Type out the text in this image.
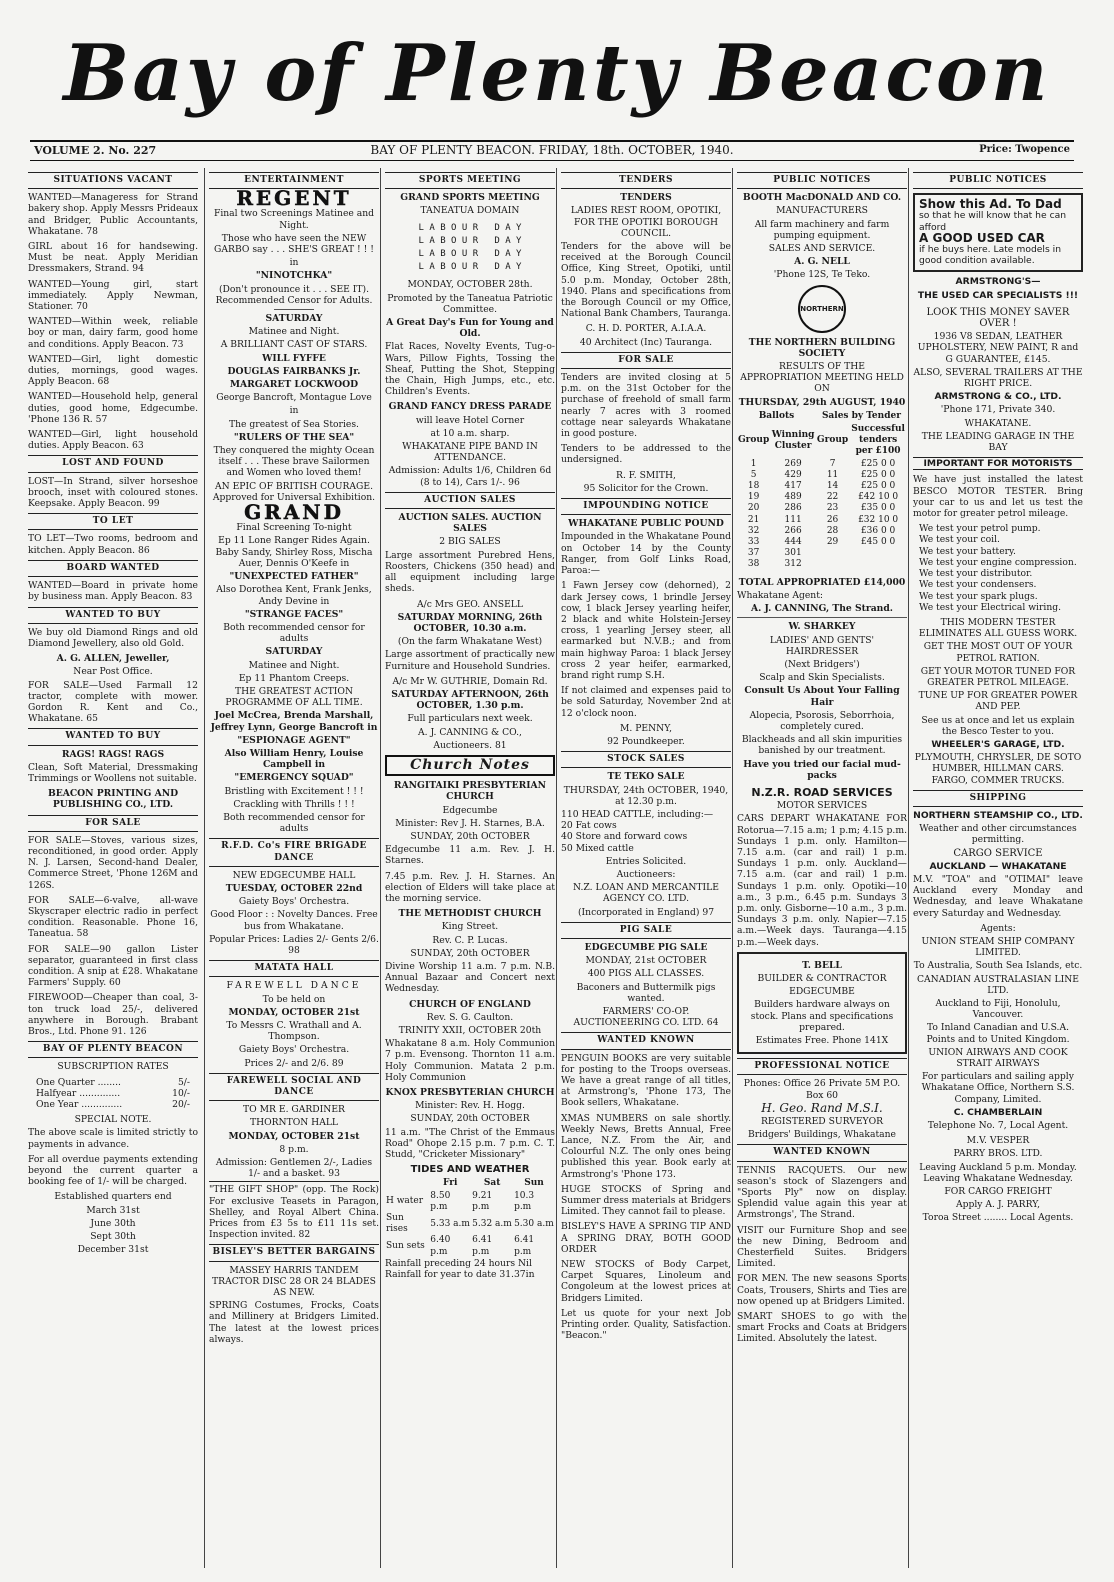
Bay of Plenty Beacon
VOLUME 2. No. 227	BAY OF PLENTY BEACON. FRIDAY, 18th. OCTOBER, 1940.	Price: Twopence
SITUATIONS VACANT

WANTED—Manageress for Strand bakery shop. Apply Messrs Prideaux and Bridger, Public Accountants, Whakatane. 78

GIRL about 16 for handsewing. Must be neat. Apply Meridian Dressmakers, Strand. 94

WANTED—Young girl, start immediately. Apply Newman, Stationer. 70

WANTED—Within week, reliable boy or man, dairy farm, good home and conditions. Apply Beacon. 73

WANTED—Girl, light domestic duties, mornings, good wages. Apply Beacon. 68

WANTED—Household help, general duties, good home, Edgecumbe. 'Phone 136 R. 57

WANTED—Girl, light household duties. Apply Beacon. 63

LOST AND FOUND

LOST—In Strand, silver horseshoe brooch, inset with coloured stones. Keepsake. Apply Beacon. 99

TO LET

TO LET—Two rooms, bedroom and kitchen. Apply Beacon. 86

BOARD WANTED

WANTED—Board in private home by business man. Apply Beacon. 83

WANTED TO BUY

We buy old Diamond Rings and old Diamond Jewellery, also old Gold.

A. G. ALLEN, Jeweller,
Near Post Office.

FOR SALE—Used Farmall 12 tractor, complete with mower. Gordon R. Kent and Co., Whakatane. 65

WANTED TO BUY
RAGS! RAGS! RAGS

Clean, Soft Material, Dressmaking Trimmings or Woollens not suitable.

BEACON PRINTING AND PUBLISHING CO., LTD.
FOR SALE

FOR SALE—Stoves, various sizes, reconditioned, in good order. Apply N. J. Larsen, Second-hand Dealer, Commerce Street, 'Phone 126M and 126S.

FOR SALE—6-valve, all-wave Skyscraper electric radio in perfect condition. Reasonable. Phone 16, Taneatua. 58

FOR SALE—90 gallon Lister separator, guaranteed in first class condition. A snip at £28. Whakatane Farmers' Supply. 60

FIREWOOD—Cheaper than coal, 3-ton truck load 25/-, delivered anywhere in Borough. Brabant Bros., Ltd. Phone 91. 126

BAY OF PLENTY BEACON
SUBSCRIPTION RATES
One Quarter ........	5/-
Halfyear ..............	10/-
One Year ..............	20/-
SPECIAL NOTE.

The above scale is limited strictly to payments in advance.

For all overdue payments extending beyond the current quarter a booking fee of 1/- will be charged.

Established quarters end
March 31st
June 30th
Sept 30th
December 31st
ENTERTAINMENT
REGENT
Final two Screenings Matinee and Night.
Those who have seen the NEW GARBO say . . . SHE'S GREAT ! ! !
in
"NINOTCHKA"
(Don't pronounce it . . . SEE IT). Recommended Censor for Adults.
SATURDAY
Matinee and Night.
A BRILLIANT CAST OF STARS.
WILL FYFFE
DOUGLAS FAIRBANKS Jr.
MARGARET LOCKWOOD
George Bancroft, Montague Love
in
The greatest of Sea Stories.
"RULERS OF THE SEA"
They conquered the mighty Ocean itself . . . These brave Sailormen and Women who loved them!
AN EPIC OF BRITISH COURAGE. Approved for Universal Exhibition.
GRAND
Final Screening To-night
Ep 11 Lone Ranger Rides Again. Baby Sandy, Shirley Ross, Mischa Auer, Dennis O'Keefe in
"UNEXPECTED FATHER"
Also Dorothea Kent, Frank Jenks, Andy Devine in
"STRANGE FACES"
Both recommended censor for adults
SATURDAY
Matinee and Night.
Ep 11 Phantom Creeps.
THE GREATEST ACTION PROGRAMME OF ALL TIME.
Joel McCrea, Brenda Marshall, Jeffrey Lynn, George Bancroft in
"ESPIONAGE AGENT"
Also William Henry, Louise Campbell in
"EMERGENCY SQUAD"
Bristling with Excitement ! ! !
Crackling with Thrills ! ! !
Both recommended censor for adults
R.F.D. Co's FIRE BRIGADE DANCE
NEW EDGECUMBE HALL
TUESDAY, OCTOBER 22nd
Gaiety Boys' Orchestra.
Good Floor : : Novelty Dances. Free bus from Whakatane.
Popular Prices: Ladies 2/- Gents 2/6. 98
MATATA HALL
FAREWELL DANCE
To be held on
MONDAY, OCTOBER 21st
To Messrs C. Wrathall and A. Thompson.
Gaiety Boys' Orchestra.
Prices 2/- and 2/6. 89
FAREWELL SOCIAL AND DANCE
TO MR E. GARDINER
THORNTON HALL
MONDAY, OCTOBER 21st
8 p.m.
Admission: Gentlemen 2/-, Ladies 1/- and a basket. 93

"THE GIFT SHOP" (opp. The Rock) For exclusive Teasets in Paragon, Shelley, and Royal Albert China. Prices from £3 5s to £11 11s set. Inspection invited. 82

BISLEY'S BETTER BARGAINS
MASSEY HARRIS TANDEM TRACTOR DISC 28 OR 24 BLADES AS NEW.

SPRING Costumes, Frocks, Coats and Millinery at Bridgers Limited. The latest at the lowest prices always.

SPORTS MEETING
GRAND SPORTS MEETING
TANEATUA DOMAIN
L A B O U R   D A Y
L A B O U R   D A Y
L A B O U R   D A Y
L A B O U R   D A Y
MONDAY, OCTOBER 28th.
Promoted by the Taneatua Patriotic Committee.
A Great Day's Fun for Young and Old.

Flat Races, Novelty Events, Tug-o-Wars, Pillow Fights, Tossing the Sheaf, Putting the Shot, Stepping the Chain, High Jumps, etc., etc. Children's Events.

GRAND FANCY DRESS PARADE
will leave Hotel Corner
at 10 a.m. sharp.
WHAKATANE PIPE BAND IN ATTENDANCE.
Admission: Adults 1/6, Children 6d (8 to 14), Cars 1/-. 96
AUCTION SALES
AUCTION SALES. AUCTION SALES
2 BIG SALES

Large assortment Purebred Hens, Roosters, Chickens (350 head) and all equipment including large sheds.

A/c Mrs GEO. ANSELL
SATURDAY MORNING, 26th OCTOBER, 10.30 a.m.
(On the farm Whakatane West)

Large assortment of practically new Furniture and Household Sundries.

A/c Mr W. GUTHRIE, Domain Rd.
SATURDAY AFTERNOON, 26th OCTOBER, 1.30 p.m.
Full particulars next week.
A. J. CANNING & CO.,
Auctioneers. 81
Church Notes
RANGITAIKI PRESBYTERIAN CHURCH
Edgecumbe
Minister: Rev J. H. Starnes, B.A.
SUNDAY, 20th OCTOBER

Edgecumbe 11 a.m. Rev. J. H. Starnes.

7.45 p.m. Rev. J. H. Starnes. An election of Elders will take place at the morning service.

THE METHODIST CHURCH
King Street.
Rev. C. P. Lucas.
SUNDAY, 20th OCTOBER

Divine Worship 11 a.m. 7 p.m. N.B. Annual Bazaar and Concert next Wednesday.

CHURCH OF ENGLAND
Rev. S. G. Caulton.
TRINITY XXII, OCTOBER 20th

Whakatane 8 a.m. Holy Communion 7 p.m. Evensong. Thornton 11 a.m. Holy Communion. Matata 2 p.m. Holy Communion

KNOX PRESBYTERIAN CHURCH
Minister: Rev. H. Hogg.
SUNDAY, 20th OCTOBER

11 a.m. "The Christ of the Emmaus Road" Ohope 2.15 p.m. 7 p.m. C. T. Studd, "Cricketer Missionary"

TIDES AND WEATHER
	Fri	Sat	Sun
H water	8.50 p.m	9.21 p.m	10.3 p.m
Sun rises	5.33 a.m	5.32 a.m	5.30 a.m
Sun sets	6.40 p.m	6.41 p.m	6.41 p.m
Rainfall preceding 24 hours Nil
Rainfall for year to date 31.37in
TENDERS
TENDERS
LADIES REST ROOM, OPOTIKI, FOR THE OPOTIKI BOROUGH COUNCIL.

Tenders for the above will be received at the Borough Council Office, King Street, Opotiki, until 5.0 p.m. Monday, October 28th, 1940. Plans and specifications from the Borough Council or my Office, National Bank Chambers, Tauranga.

C. H. D. PORTER, A.I.A.A.
40 Architect (Inc) Tauranga.
FOR SALE

Tenders are invited closing at 5 p.m. on the 31st October for the purchase of freehold of small farm nearly 7 acres with 3 roomed cottage near saleyards Whakatane in good posture.

Tenders to be addressed to the undersigned.

R. F. SMITH,
95 Solicitor for the Crown.
IMPOUNDING NOTICE
WHAKATANE PUBLIC POUND

Impounded in the Whakatane Pound on October 14 by the County Ranger, from Golf Links Road, Paroa:—

1 Fawn Jersey cow (dehorned), 2 dark Jersey cows, 1 brindle Jersey cow, 1 black Jersey yearling heifer, 2 black and white Holstein-Jersey cross, 1 yearling Jersey steer, all earmarked but N.V.B.; and from main highway Paroa: 1 black Jersey cross 2 year heifer, earmarked, brand right rump S.H.

If not claimed and expenses paid to be sold Saturday, November 2nd at 12 o'clock noon.

M. PENNY,
92 Poundkeeper.
STOCK SALES
TE TEKO SALE
THURSDAY, 24th OCTOBER, 1940, at 12.30 p.m.
110 HEAD CATTLE, including:—
20 Fat cows
40 Store and forward cows
50 Mixed cattle
Entries Solicited.
Auctioneers:
N.Z. LOAN AND MERCANTILE AGENCY CO. LTD.
(Incorporated in England) 97
PIG SALE
EDGECUMBE PIG SALE
MONDAY, 21st OCTOBER
400 PIGS ALL CLASSES.
Baconers and Buttermilk pigs wanted.
FARMERS' CO-OP. AUCTIONEERING CO. LTD. 64
WANTED KNOWN

PENGUIN BOOKS are very suitable for posting to the Troops overseas. We have a great range of all titles, at Armstrong's, 'Phone 173, The Book sellers, Whakatane.

XMAS NUMBERS on sale shortly. Weekly News, Bretts Annual, Free Lance, N.Z. From the Air, and Colourful N.Z. The only ones being published this year. Book early at Armstrong's 'Phone 173.

HUGE STOCKS of Spring and Summer dress materials at Bridgers Limited. They cannot fail to please.

BISLEY'S HAVE A SPRING TIP AND A SPRING DRAY, BOTH GOOD ORDER

NEW STOCKS of Body Carpet, Carpet Squares, Linoleum and Congoleum at the lowest prices at Bridgers Limited.

Let us quote for your next Job Printing order. Quality, Satisfaction. "Beacon."

PUBLIC NOTICES
BOOTH MacDONALD AND CO.
MANUFACTURERS
All farm machinery and farm pumping equipment.
SALES AND SERVICE.
A. G. NELL
'Phone 12S, Te Teko.
NORTHERN
THE NORTHERN BUILDING SOCIETY
RESULTS OF THE APPROPRIATION MEETING HELD ON
THURSDAY, 29th AUGUST, 1940
Ballots		Sales by Tender	
Group	Winning Cluster	Group	Successful tenders per £100
1	269	7	£25 0 0
5	429	11	£25 0 0
18	417	14	£25 0 0
19	489	22	£42 10 0
20	286	23	£35 0 0
21	111	26	£32 10 0
32	266	28	£36 0 0
33	444	29	£45 0 0
37	301		
38	312		
TOTAL APPROPRIATED £14,000
Whakatane Agent:
A. J. CANNING, The Strand.
W. SHARKEY
LADIES' AND GENTS' HAIRDRESSER
(Next Bridgers')
Scalp and Skin Specialists.
Consult Us About Your Falling Hair
Alopecia, Psorosis, Seborrhoia, completely cured.
Blackheads and all skin impurities banished by our treatment.
Have you tried our facial mud-packs
N.Z.R. ROAD SERVICES
MOTOR SERVICES

CARS DEPART WHAKATANE FOR Rotorua—7.15 a.m; 1 p.m; 4.15 p.m. Sundays 1 p.m. only. Hamilton—7.15 a.m. (car and rail) 1 p.m. Sundays 1 p.m. only. Auckland—7.15 a.m. (car and rail) 1 p.m. Sundays 1 p.m. only. Opotiki—10 a.m., 3 p.m., 6.45 p.m. Sundays 3 p.m. only. Gisborne—10 a.m., 3 p.m. Sundays 3 p.m. only. Napier—7.15 a.m.—Week days. Tauranga—4.15 p.m.—Week days.

T. BELL
BUILDER & CONTRACTOR
EDGECUMBE
Builders hardware always on stock. Plans and specifications prepared.
Estimates Free. Phone 141X
PROFESSIONAL NOTICE
Phones: Office 26 Private 5M P.O. Box 60
H. Geo. Rand M.S.I.
REGISTERED SURVEYOR
Bridgers' Buildings, Whakatane
WANTED KNOWN

TENNIS RACQUETS. Our new season's stock of Slazengers and "Sports Ply" now on display. Splendid value again this year at Armstrongs', The Strand.

VISIT our Furniture Shop and see the new Dining, Bedroom and Chesterfield Suites. Bridgers Limited.

FOR MEN. The new seasons Sports Coats, Trousers, Shirts and Ties are now opened up at Bridgers Limited.

SMART SHOES to go with the smart Frocks and Coats at Bridgers Limited. Absolutely the latest.

PUBLIC NOTICES
Show this Ad. To Dad
so that he will know that he can afford
A GOOD USED CAR
if he buys here. Late models in good condition available.
ARMSTRONG'S—
THE USED CAR SPECIALISTS !!!
LOOK THIS MONEY SAVER OVER !
1936 V8 SEDAN, LEATHER UPHOLSTERY, NEW PAINT, R and G GUARANTEE, £145.
ALSO, SEVERAL TRAILERS AT THE RIGHT PRICE.
ARMSTRONG & CO., LTD.
'Phone 171, Private 340.
WHAKATANE.
THE LEADING GARAGE IN THE BAY
IMPORTANT FOR MOTORISTS

We have just installed the latest BESCO MOTOR TESTER. Bring your car to us and let us test the motor for greater petrol mileage.

We test your petrol pump.
We test your coil.
We test your battery.
We test your engine compression.
We test your distributor.
We test your condensers.
We test your spark plugs.
We test your Electrical wiring.
THIS MODERN TESTER ELIMINATES ALL GUESS WORK.
GET THE MOST OUT OF YOUR PETROL RATION.
GET YOUR MOTOR TUNED FOR GREATER PETROL MILEAGE.
TUNE UP FOR GREATER POWER AND PEP.
See us at once and let us explain the Besco Tester to you.
WHEELER'S GARAGE, LTD.
PLYMOUTH, CHRYSLER, DE SOTO HUMBER, HILLMAN CARS. FARGO, COMMER TRUCKS.
SHIPPING
NORTHERN STEAMSHIP CO., LTD.
Weather and other circumstances permitting.
CARGO SERVICE
AUCKLAND — WHAKATANE

M.V. "TOA" and "OTIMAI" leave Auckland every Monday and Wednesday, and leave Whakatane every Saturday and Wednesday.

Agents:
UNION STEAM SHIP COMPANY LIMITED.
To Australia, South Sea Islands, etc.
CANADIAN AUSTRALASIAN LINE LTD.
Auckland to Fiji, Honolulu, Vancouver.
To Inland Canadian and U.S.A. Points and to United Kingdom.
UNION AIRWAYS AND COOK STRAIT AIRWAYS
For particulars and sailing apply Whakatane Office, Northern S.S. Company, Limited.
C. CHAMBERLAIN
Telephone No. 7, Local Agent.
M.V. VESPER
PARRY BROS. LTD.
Leaving Auckland 5 p.m. Monday. Leaving Whakatane Wednesday.
FOR CARGO FREIGHT
Apply A. J. PARRY,
Toroa Street ........ Local Agents.
